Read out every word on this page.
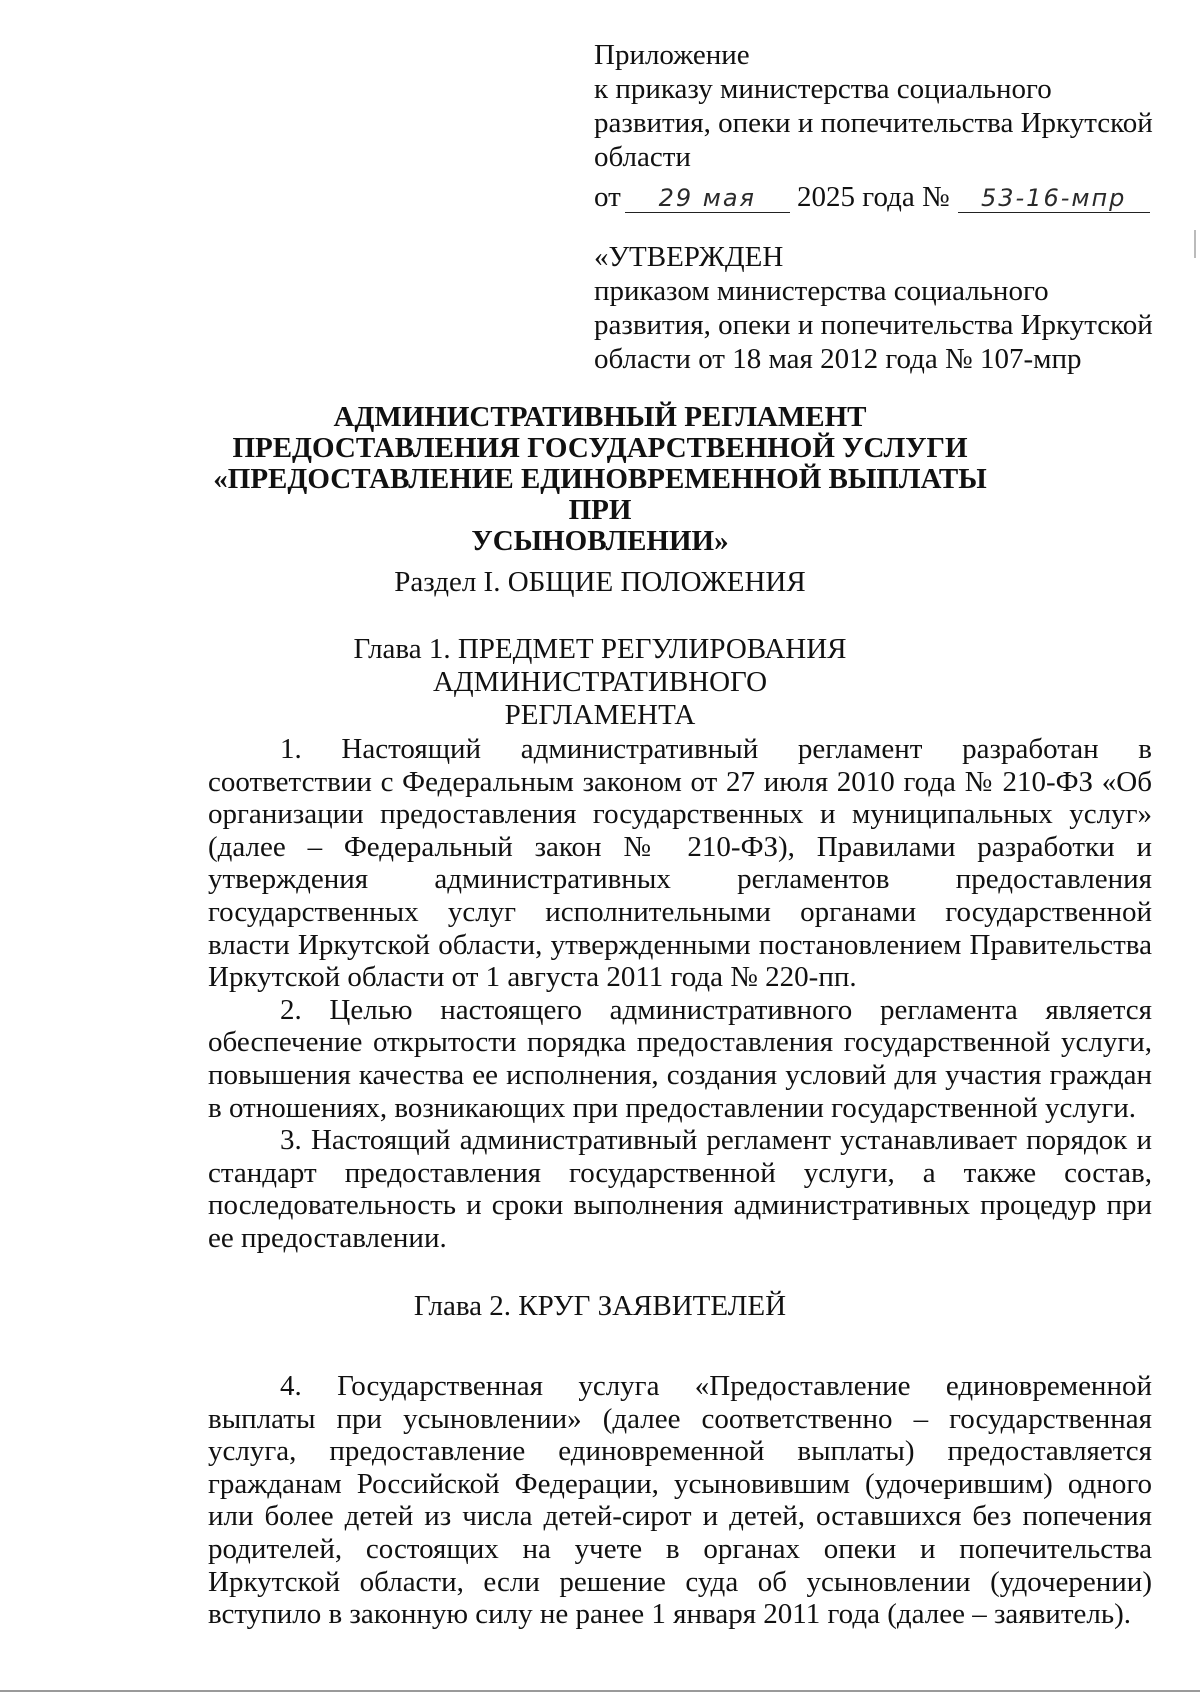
Приложение
к приказу министерства социального
развития, опеки и попечительства Иркутской
области
от 29 мая 2025 года № 53-16-мпр
«УТВЕРЖДЕН
приказом министерства социального
развития, опеки и попечительства Иркутской
области от 18 мая 2012 года № 107-мпр
АДМИНИСТРАТИВНЫЙ РЕГЛАМЕНТ
ПРЕДОСТАВЛЕНИЯ ГОСУДАРСТВЕННОЙ УСЛУГИ
«ПРЕДОСТАВЛЕНИЕ ЕДИНОВРЕМЕННОЙ ВЫПЛАТЫ ПРИ
УСЫНОВЛЕНИИ»
Раздел I. ОБЩИЕ ПОЛОЖЕНИЯ
Глава 1. ПРЕДМЕТ РЕГУЛИРОВАНИЯ АДМИНИСТРАТИВНОГО
РЕГЛАМЕНТА

1. Настоящий административный регламент разработан в соответствии с Федеральным законом от 27 июля 2010 года № 210-ФЗ «Об организации предоставления государственных и муниципальных услуг» (далее – Федеральный закон № 210-ФЗ), Правилами разработки и утверждения административных регламентов предоставления государственных услуг исполнительными органами государственной власти Иркутской области, утвержденными постановлением Правительства Иркутской области от 1 августа 2011 года № 220-пп.

2. Целью настоящего административного регламента является обеспечение открытости порядка предоставления государственной услуги, повышения качества ее исполнения, создания условий для участия граждан в отношениях, возникающих при предоставлении государственной услуги.

3. Настоящий административный регламент устанавливает порядок и стандарт предоставления государственной услуги, а также состав, последовательность и сроки выполнения административных процедур при ее предоставлении.

Глава 2. КРУГ ЗАЯВИТЕЛЕЙ

4. Государственная услуга «Предоставление единовременной выплаты при усыновлении» (далее соответственно – государственная услуга, предоставление единовременной выплаты) предоставляется гражданам Российской Федерации, усыновившим (удочерившим) одного или более детей из числа детей-сирот и детей, оставшихся без попечения родителей, состоящих на учете в органах опеки и попечительства Иркутской области, если решение суда об усыновлении (удочерении) вступило в законную силу не ранее 1 января 2011 года (далее – заявитель).
